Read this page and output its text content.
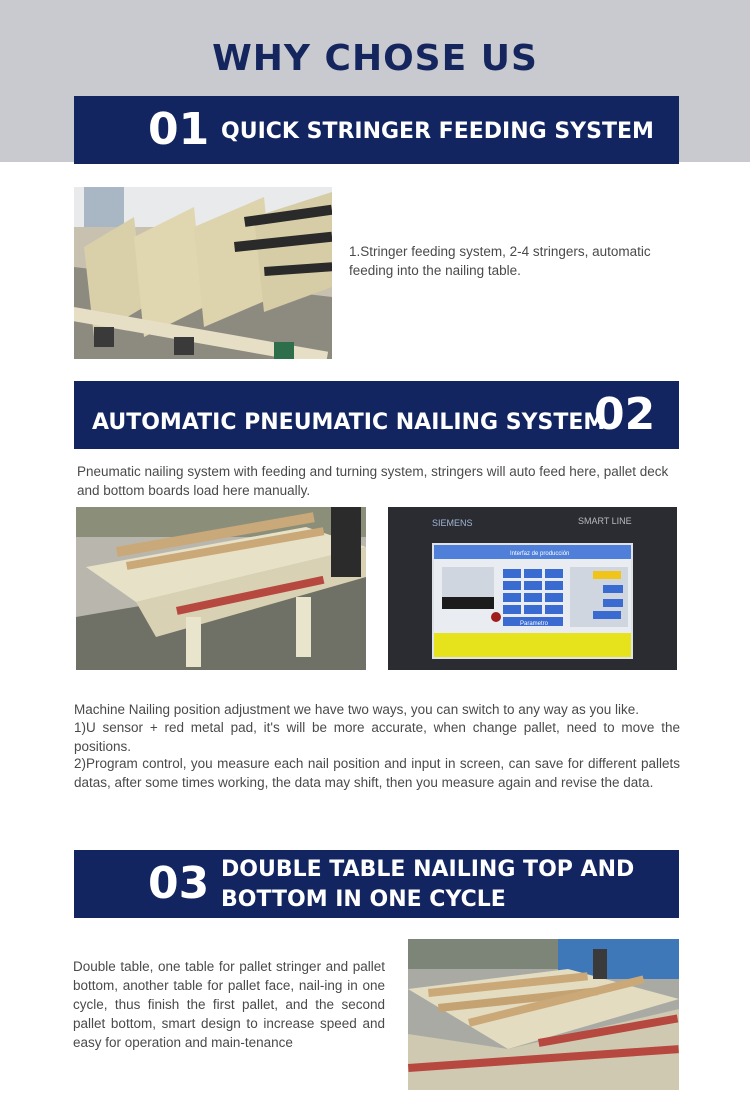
WHY CHOSE US
01 QUICK STRINGER FEEDING SYSTEM
1.Stringer feeding system, 2-4 stringers, automatic feeding into the nailing table.
AUTOMATIC PNEUMATIC NAILING SYSTEM
02
Pneumatic nailing system with feeding and turning system, stringers will auto feed here, pallet deck and bottom boards load here manually.
SIEMENS	SMART LINE
Interfaz de producción
Parametro
Machine Nailing position adjustment we have two ways, you can switch to any way as you like.
1)U sensor + red metal pad, it's will be more accurate, when change pallet, need to move the positions.
2)Program control, you measure each nail position and input in screen, can save for different pallets datas, after some times working, the data may shift, then you measure again and revise the data.
03 DOUBLE TABLE NAILING TOP AND
BOTTOM IN ONE CYCLE
Double table, one table for pallet stringer and pallet bottom, another table for pallet face, nail-ing in one cycle, thus finish the first pallet, and the second pallet bottom, smart design to increase speed and easy for operation and main-tenance
